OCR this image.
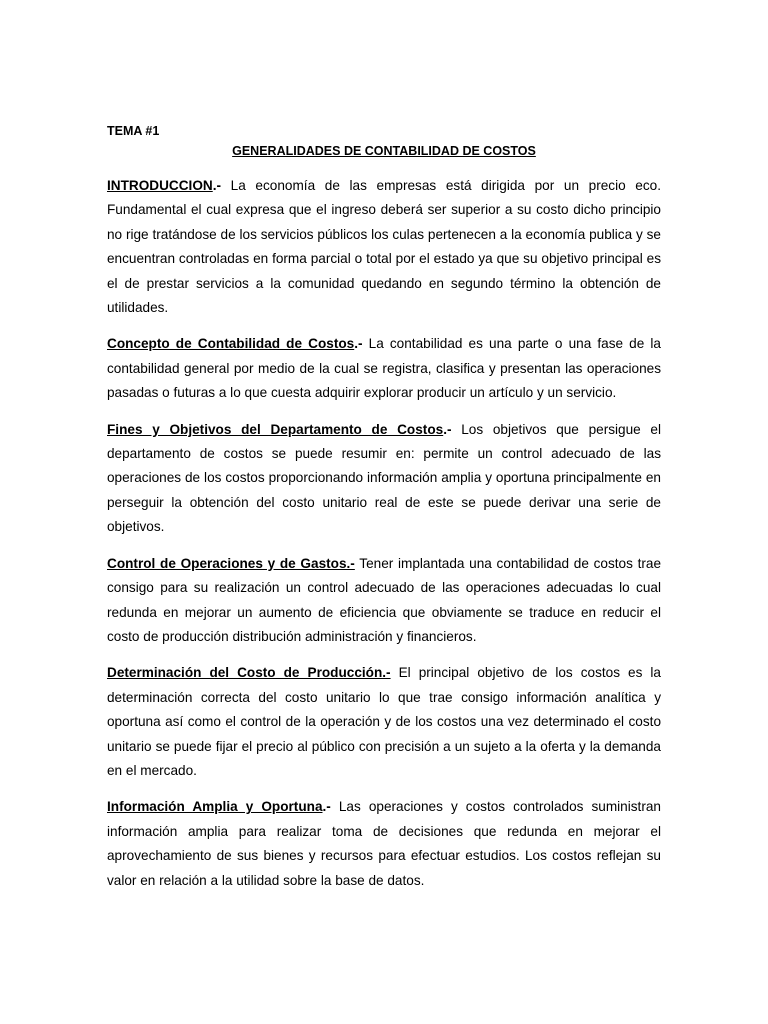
TEMA #1

GENERALIDADES DE CONTABILIDAD DE COSTOS

INTRODUCCION.- La economía de las empresas está dirigida por un precio eco. Fundamental el cual expresa que el ingreso deberá ser superior a su costo dicho principio no rige tratándose de los servicios públicos los culas pertenecen a la economía publica y se encuentran controladas en forma parcial o total por el estado ya que su objetivo principal es el de prestar servicios a la comunidad quedando en segundo término la obtención de utilidades.

Concepto de Contabilidad de Costos.- La contabilidad es una parte o una fase de la contabilidad general por medio de la cual se registra, clasifica y presentan las operaciones pasadas o futuras a lo que cuesta adquirir explorar producir un artículo y un servicio.

Fines y Objetivos del Departamento de Costos.- Los objetivos que persigue el departamento de costos se puede resumir en: permite un control adecuado de las operaciones de los costos proporcionando información amplia y oportuna principalmente en perseguir la obtención del costo unitario real de este se puede derivar una serie de objetivos.

Control de Operaciones y de Gastos.- Tener implantada una contabilidad de costos trae consigo para su realización un control adecuado de las operaciones adecuadas lo cual redunda en mejorar un aumento de eficiencia que obviamente se traduce en reducir el costo de producción distribución administración y financieros.

Determinación del Costo de Producción.- El principal objetivo de los costos es la determinación correcta del costo unitario lo que trae consigo información analítica y oportuna así como el control de la operación y de los costos una vez determinado el costo unitario se puede fijar el precio al público con precisión a un sujeto a la oferta y la demanda en el mercado.

Información Amplia y Oportuna.- Las operaciones y costos controlados suministran información amplia para realizar toma de decisiones que redunda en mejorar el aprovechamiento de sus bienes y recursos para efectuar estudios. Los costos reflejan su valor en relación a la utilidad sobre la base de datos.
